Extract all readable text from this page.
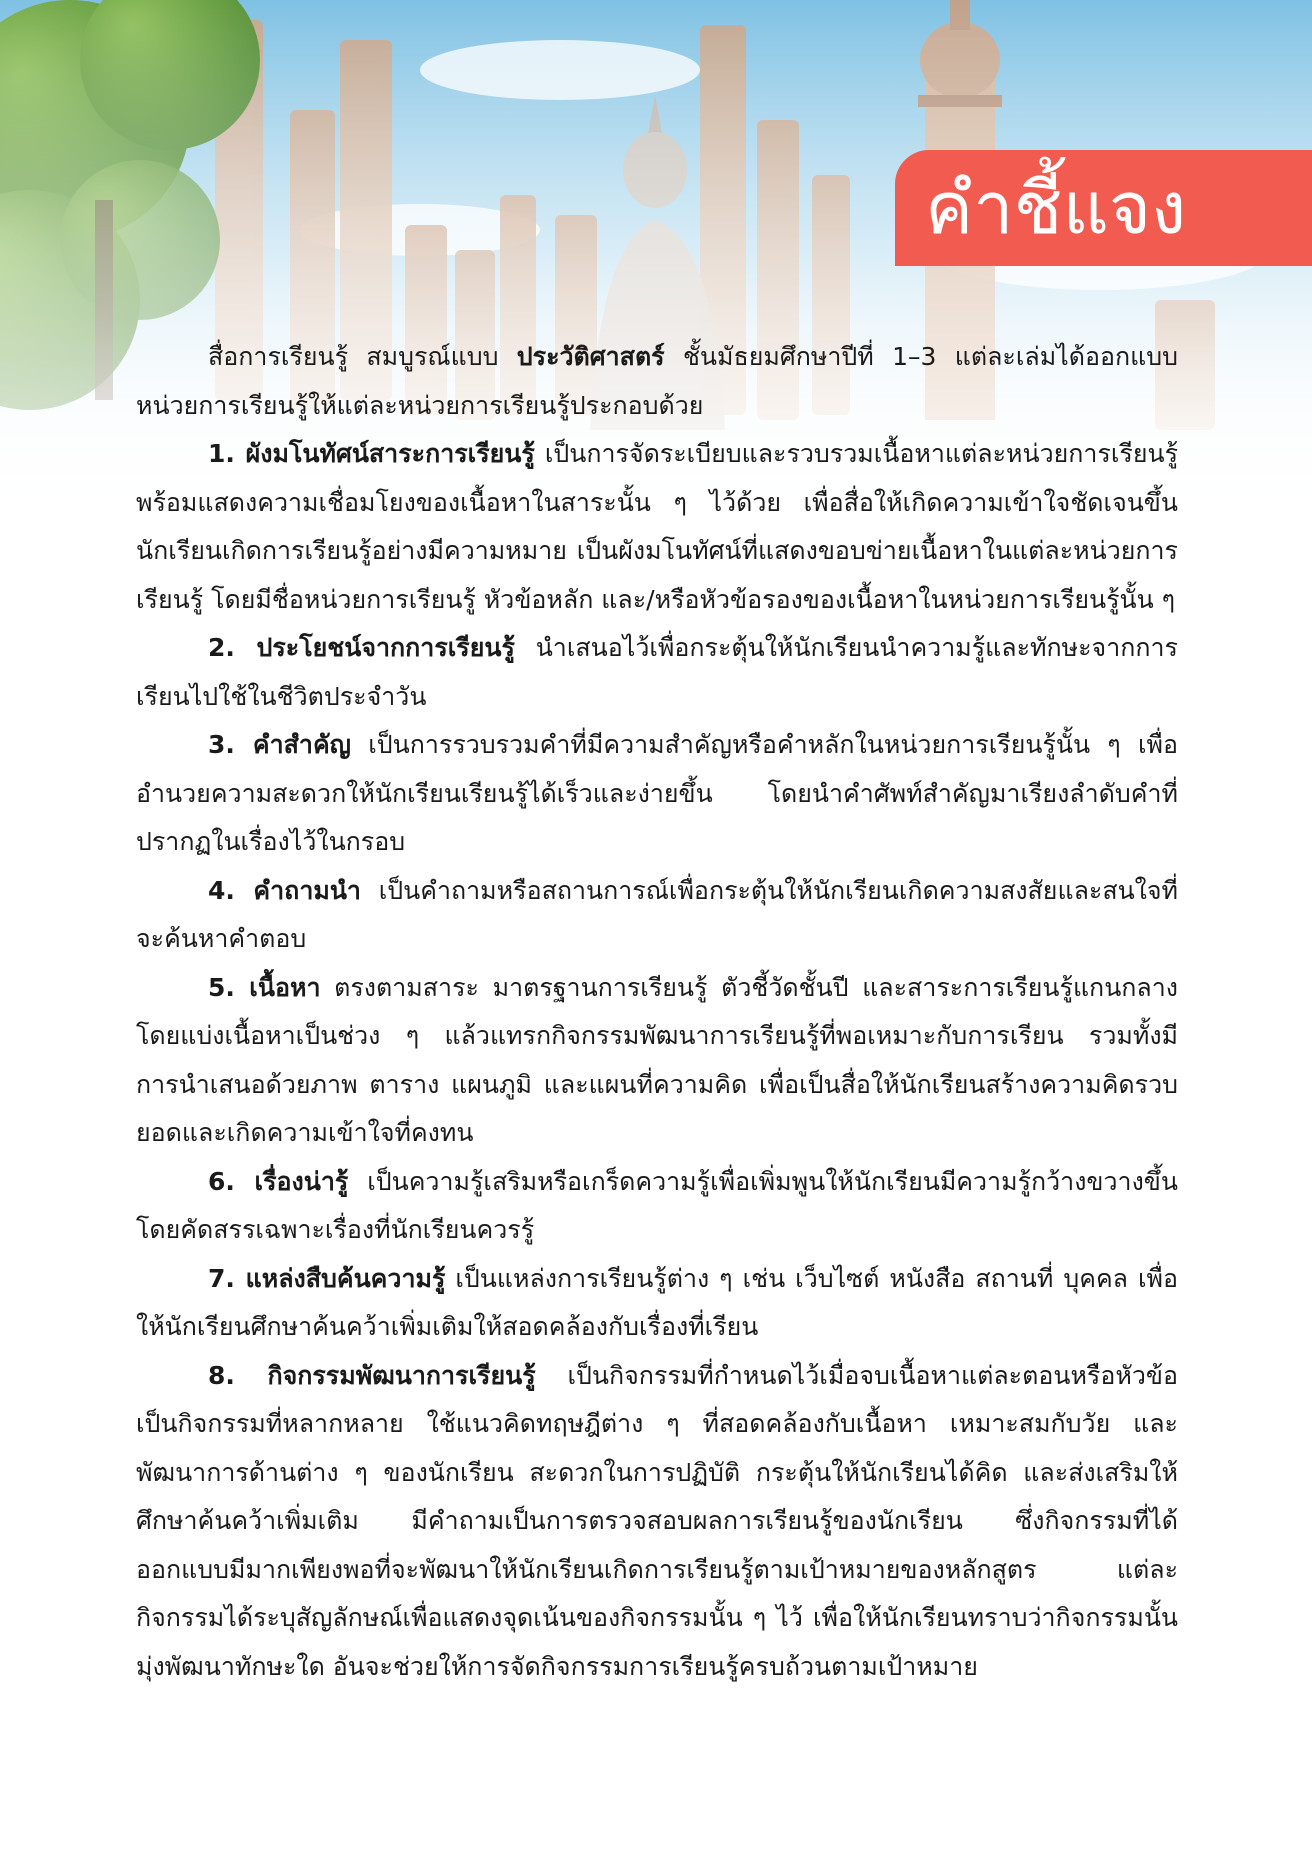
คำชี้แจง

สื่อการเรียนรู้ สมบูรณ์แบบ ประวัติศาสตร์ ชั้นมัธยมศึกษาปีที่ 1–3 แต่ละเล่มได้ออกแบบหน่วยการเรียนรู้ให้แต่ละหน่วยการเรียนรู้ประกอบด้วย

1. ผังมโนทัศน์สาระการเรียนรู้ เป็นการจัดระเบียบและรวบรวมเนื้อหาแต่ละหน่วยการเรียนรู้ พร้อมแสดงความเชื่อมโยงของเนื้อหาในสาระนั้น ๆ ไว้ด้วย เพื่อสื่อให้เกิดความเข้าใจชัดเจนขึ้น นักเรียนเกิดการเรียนรู้อย่างมีความหมาย เป็นผังมโนทัศน์ที่แสดงขอบข่ายเนื้อหาในแต่ละหน่วยการเรียนรู้ โดยมีชื่อหน่วยการเรียนรู้ หัวข้อหลัก และ/หรือหัวข้อรองของเนื้อหาในหน่วยการเรียนรู้นั้น ๆ

2. ประโยชน์จากการเรียนรู้ นำเสนอไว้เพื่อกระตุ้นให้นักเรียนนำความรู้และทักษะจากการเรียนไปใช้ในชีวิตประจำวัน

3. คำสำคัญ เป็นการรวบรวมคำที่มีความสำคัญหรือคำหลักในหน่วยการเรียนรู้นั้น ๆ เพื่ออำนวยความสะดวกให้นักเรียนเรียนรู้ได้เร็วและง่ายขึ้น โดยนำคำศัพท์สำคัญมาเรียงลำดับคำที่ปรากฏในเรื่องไว้ในกรอบ

4. คำถามนำ เป็นคำถามหรือสถานการณ์เพื่อกระตุ้นให้นักเรียนเกิดความสงสัยและสนใจที่จะค้นหาคำตอบ

5. เนื้อหา ตรงตามสาระ มาตรฐานการเรียนรู้ ตัวชี้วัดชั้นปี และสาระการเรียนรู้แกนกลาง โดยแบ่งเนื้อหาเป็นช่วง ๆ แล้วแทรกกิจกรรมพัฒนาการเรียนรู้ที่พอเหมาะกับการเรียน รวมทั้งมีการนำเสนอด้วยภาพ ตาราง แผนภูมิ และแผนที่ความคิด เพื่อเป็นสื่อให้นักเรียนสร้างความคิดรวบยอดและเกิดความเข้าใจที่คงทน

6. เรื่องน่ารู้ เป็นความรู้เสริมหรือเกร็ดความรู้เพื่อเพิ่มพูนให้นักเรียนมีความรู้กว้างขวางขึ้น โดยคัดสรรเฉพาะเรื่องที่นักเรียนควรรู้

7. แหล่งสืบค้นความรู้ เป็นแหล่งการเรียนรู้ต่าง ๆ เช่น เว็บไซต์ หนังสือ สถานที่ บุคคล เพื่อให้นักเรียนศึกษาค้นคว้าเพิ่มเติมให้สอดคล้องกับเรื่องที่เรียน

8. กิจกรรมพัฒนาการเรียนรู้ เป็นกิจกรรมที่กำหนดไว้เมื่อจบเนื้อหาแต่ละตอนหรือหัวข้อ เป็นกิจกรรมที่หลากหลาย ใช้แนวคิดทฤษฎีต่าง ๆ ที่สอดคล้องกับเนื้อหา เหมาะสมกับวัย และพัฒนาการด้านต่าง ๆ ของนักเรียน สะดวกในการปฏิบัติ กระตุ้นให้นักเรียนได้คิด และส่งเสริมให้ศึกษาค้นคว้าเพิ่มเติม มีคำถามเป็นการตรวจสอบผลการเรียนรู้ของนักเรียน ซึ่งกิจกรรมที่ได้ออกแบบมีมากเพียงพอที่จะพัฒนาให้นักเรียนเกิดการเรียนรู้ตามเป้าหมายของหลักสูตร แต่ละกิจกรรมได้ระบุสัญลักษณ์เพื่อแสดงจุดเน้นของกิจกรรมนั้น ๆ ไว้ เพื่อให้นักเรียนทราบว่ากิจกรรมนั้นมุ่งพัฒนาทักษะใด อันจะช่วยให้การจัดกิจกรรมการเรียนรู้ครบถ้วนตามเป้าหมาย
